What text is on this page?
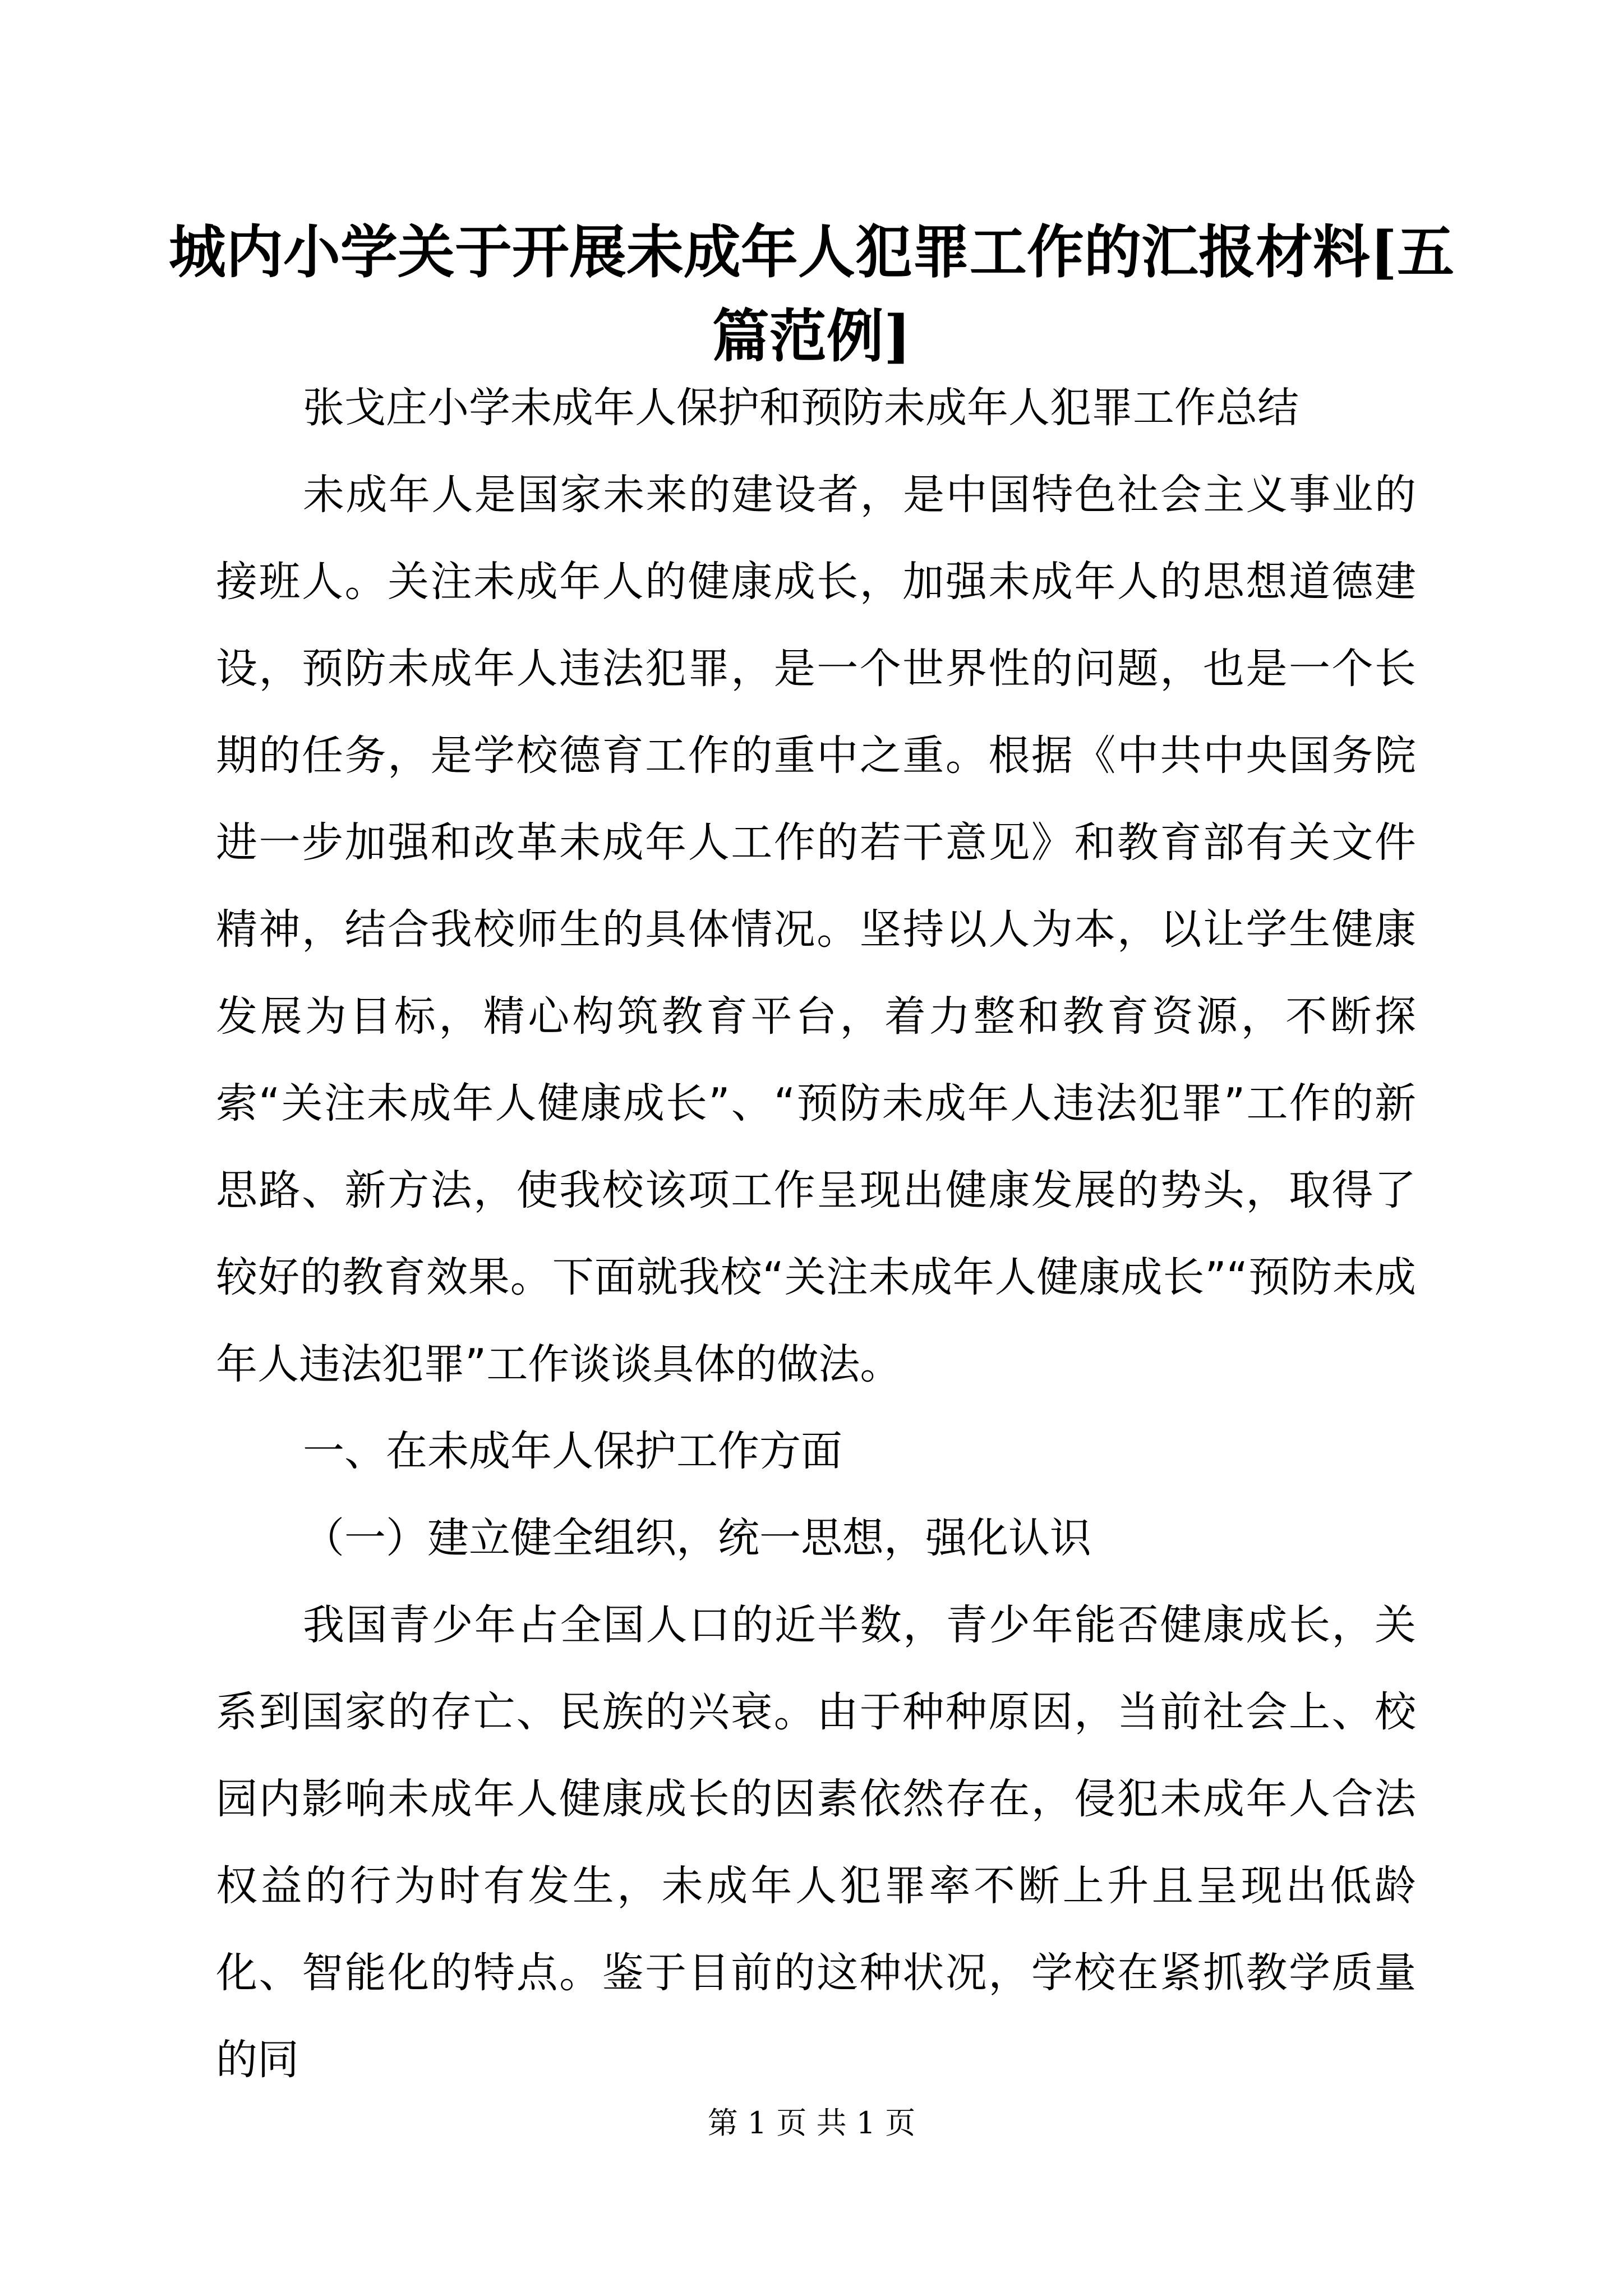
城内小学关于开展未成年人犯罪工作的汇报材料[五篇范例]

张戈庄小学未成年人保护和预防未成年人犯罪工作总结

未成年人是国家未来的建设者，是中国特色社会主义事业的接班人。关注未成年人的健康成长，加强未成年人的思想道德建设，预防未成年人违法犯罪，是一个世界性的问题，也是一个长期的任务，是学校德育工作的重中之重。根据《中共中央国务院进一步加强和改革未成年人工作的若干意见》和教育部有关文件精神，结合我校师生的具体情况。坚持以人为本，以让学生健康发展为目标，精心构筑教育平台，着力整和教育资源，不断探索“关注未成年人健康成长”、“预防未成年人违法犯罪”工作的新思路、新方法，使我校该项工作呈现出健康发展的势头，取得了较好的教育效果。下面就我校“关注未成年人健康成长”“预防未成年人违法犯罪”工作谈谈具体的做法。

一、在未成年人保护工作方面

（一）建立健全组织，统一思想，强化认识

我国青少年占全国人口的近半数，青少年能否健康成长，关系到国家的存亡、民族的兴衰。由于种种原因，当前社会上、校园内影响未成年人健康成长的因素依然存在，侵犯未成年人合法权益的行为时有发生，未成年人犯罪率不断上升且呈现出低龄化、智能化的特点。鉴于目前的这种状况，学校在紧抓教学质量的同

第 1 页 共 1 页
